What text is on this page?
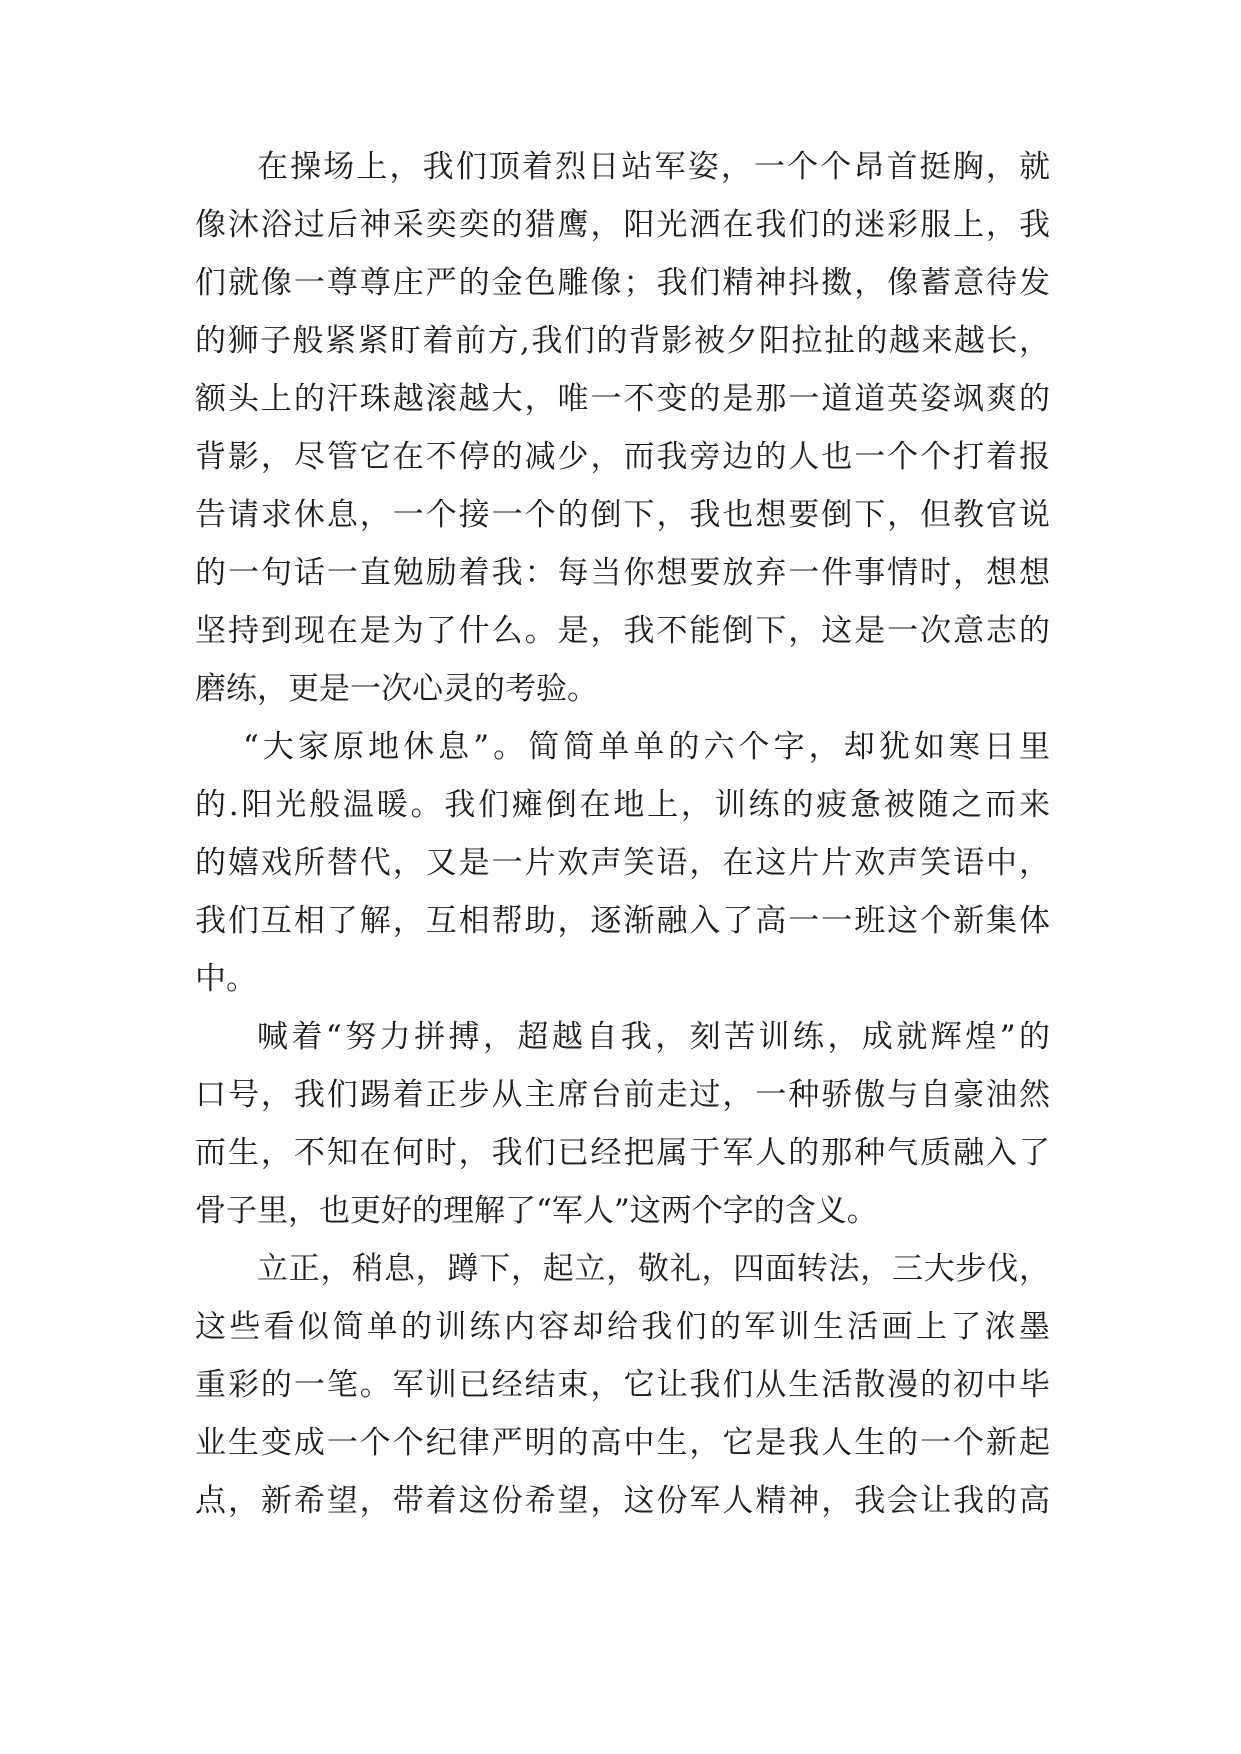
在操场上，我们顶着烈日站军姿，一个个昂首挺胸，就

像沐浴过后神采奕奕的猎鹰，阳光洒在我们的迷彩服上，我

们就像一尊尊庄严的金色雕像；我们精神抖擞，像蓄意待发

的狮子般紧紧盯着前方,我们的背影被夕阳拉扯的越来越长，

额头上的汗珠越滚越大，唯一不变的是那一道道英姿飒爽的

背影，尽管它在不停的减少，而我旁边的人也一个个打着报

告请求休息，一个接一个的倒下，我也想要倒下，但教官说

的一句话一直勉励着我：每当你想要放弃一件事情时，想想

坚持到现在是为了什么。是，我不能倒下，这是一次意志的

磨练，更是一次心灵的考验。

“大家原地休息”。简简单单的六个字，却犹如寒日里

的.阳光般温暖。我们瘫倒在地上，训练的疲惫被随之而来

的嬉戏所替代，又是一片欢声笑语，在这片片欢声笑语中，

我们互相了解，互相帮助，逐渐融入了高一一班这个新集体

中。

喊着“努力拼搏，超越自我，刻苦训练，成就辉煌”的

口号，我们踢着正步从主席台前走过，一种骄傲与自豪油然

而生，不知在何时，我们已经把属于军人的那种气质融入了

骨子里，也更好的理解了“军人”这两个字的含义。

立正，稍息，蹲下，起立，敬礼，四面转法，三大步伐，

这些看似简单的训练内容却给我们的军训生活画上了浓墨

重彩的一笔。军训已经结束，它让我们从生活散漫的初中毕

业生变成一个个纪律严明的高中生，它是我人生的一个新起

点，新希望，带着这份希望，这份军人精神，我会让我的高
